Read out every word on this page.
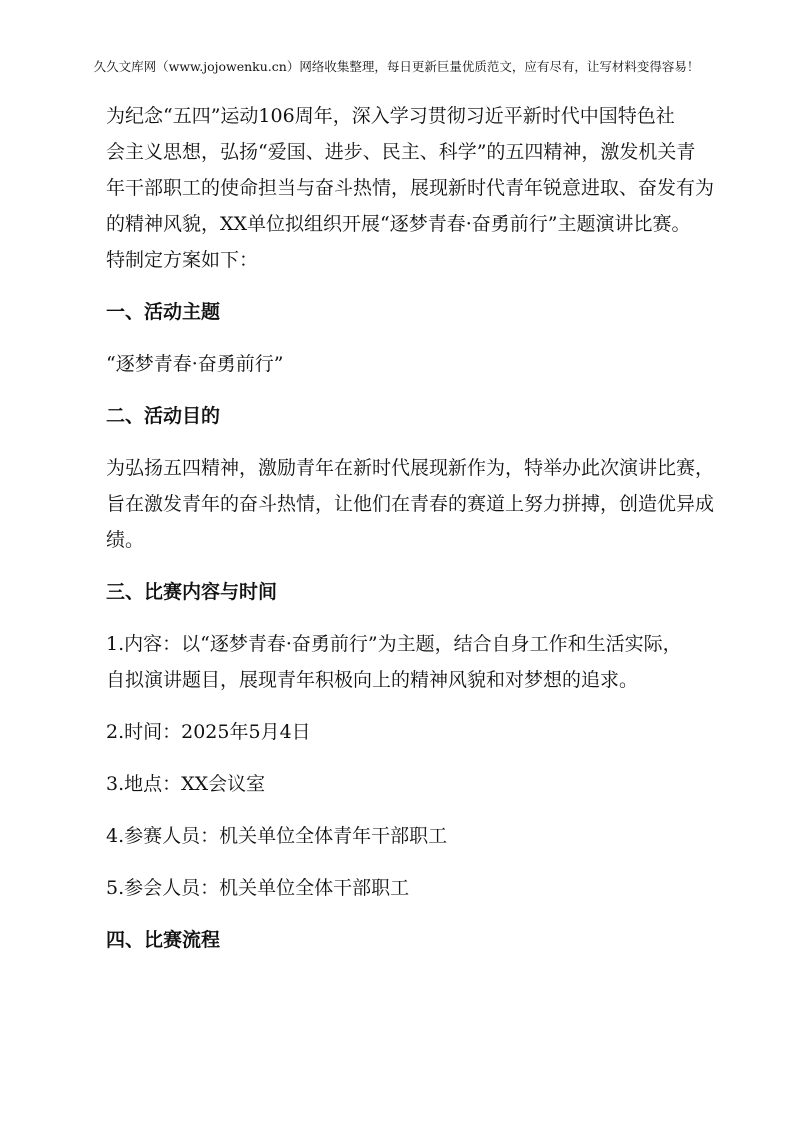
久久文库网（www.jojowenku.cn）网络收集整理，每日更新巨量优质范文，应有尽有，让写材料变得容易！
为纪念“五四”运动106周年，深入学习贯彻习近平新时代中国特色社
会主义思想，弘扬“爱国、进步、民主、科学”的五四精神，激发机关青
年干部职工的使命担当与奋斗热情，展现新时代青年锐意进取、奋发有为
的精神风貌，XX单位拟组织开展“逐梦青春·奋勇前行”主题演讲比赛。
特制定方案如下：
一、活动主题
“逐梦青春·奋勇前行”
二、活动目的
为弘扬五四精神，激励青年在新时代展现新作为，特举办此次演讲比赛，
旨在激发青年的奋斗热情，让他们在青春的赛道上努力拼搏，创造优异成
绩。
三、比赛内容与时间
1.内容：以“逐梦青春·奋勇前行”为主题，结合自身工作和生活实际，
自拟演讲题目，展现青年积极向上的精神风貌和对梦想的追求。
2.时间：2025年5月4日
3.地点：XX会议室
4.参赛人员：机关单位全体青年干部职工
5.参会人员：机关单位全体干部职工
四、比赛流程
